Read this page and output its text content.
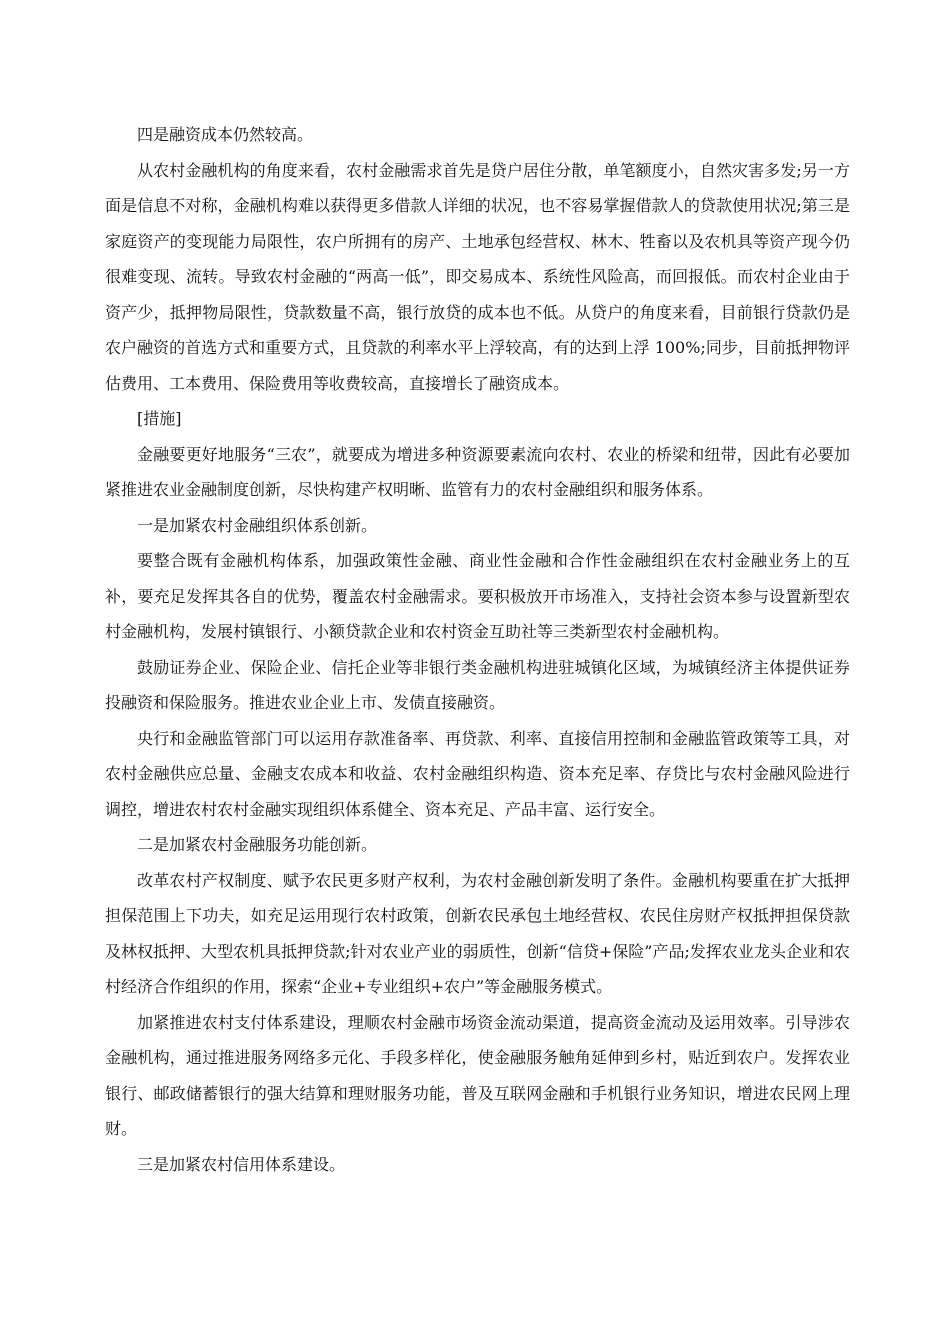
四是融资成本仍然较高。

从农村金融机构的角度来看，农村金融需求首先是贷户居住分散，单笔额度小，自然灾害多发;另一方面是信息不对称，金融机构难以获得更多借款人详细的状况，也不容易掌握借款人的贷款使用状况;第三是家庭资产的变现能力局限性，农户所拥有的房产、土地承包经营权、林木、牲畜以及农机具等资产现今仍很难变现、流转。导致农村金融的“两高一低”，即交易成本、系统性风险高，而回报低。而农村企业由于资产少，抵押物局限性，贷款数量不高，银行放贷的成本也不低。从贷户的角度来看，目前银行贷款仍是农户融资的首选方式和重要方式，且贷款的利率水平上浮较高，有的达到上浮 100%;同步，目前抵押物评估费用、工本费用、保险费用等收费较高，直接增长了融资成本。

[措施]

金融要更好地服务“三农”，就要成为增进多种资源要素流向农村、农业的桥梁和纽带，因此有必要加紧推进农业金融制度创新，尽快构建产权明晰、监管有力的农村金融组织和服务体系。

一是加紧农村金融组织体系创新。

要整合既有金融机构体系，加强政策性金融、商业性金融和合作性金融组织在农村金融业务上的互补，要充足发挥其各自的优势，覆盖农村金融需求。要积极放开市场准入，支持社会资本参与设置新型农村金融机构，发展村镇银行、小额贷款企业和农村资金互助社等三类新型农村金融机构。

鼓励证券企业、保险企业、信托企业等非银行类金融机构进驻城镇化区域，为城镇经济主体提供证券投融资和保险服务。推进农业企业上市、发债直接融资。

央行和金融监管部门可以运用存款准备率、再贷款、利率、直接信用控制和金融监管政策等工具，对农村金融供应总量、金融支农成本和收益、农村金融组织构造、资本充足率、存贷比与农村金融风险进行调控，增进农村农村金融实现组织体系健全、资本充足、产品丰富、运行安全。

二是加紧农村金融服务功能创新。

改革农村产权制度、赋予农民更多财产权利，为农村金融创新发明了条件。金融机构要重在扩大抵押担保范围上下功夫，如充足运用现行农村政策，创新农民承包土地经营权、农民住房财产权抵押担保贷款及林权抵押、大型农机具抵押贷款;针对农业产业的弱质性，创新“信贷+保险”产品;发挥农业龙头企业和农村经济合作组织的作用，探索“企业+专业组织+农户”等金融服务模式。

加紧推进农村支付体系建设，理顺农村金融市场资金流动渠道，提高资金流动及运用效率。引导涉农金融机构，通过推进服务网络多元化、手段多样化，使金融服务触角延伸到乡村，贴近到农户。发挥农业银行、邮政储蓄银行的强大结算和理财服务功能，普及互联网金融和手机银行业务知识，增进农民网上理财。

三是加紧农村信用体系建设。
